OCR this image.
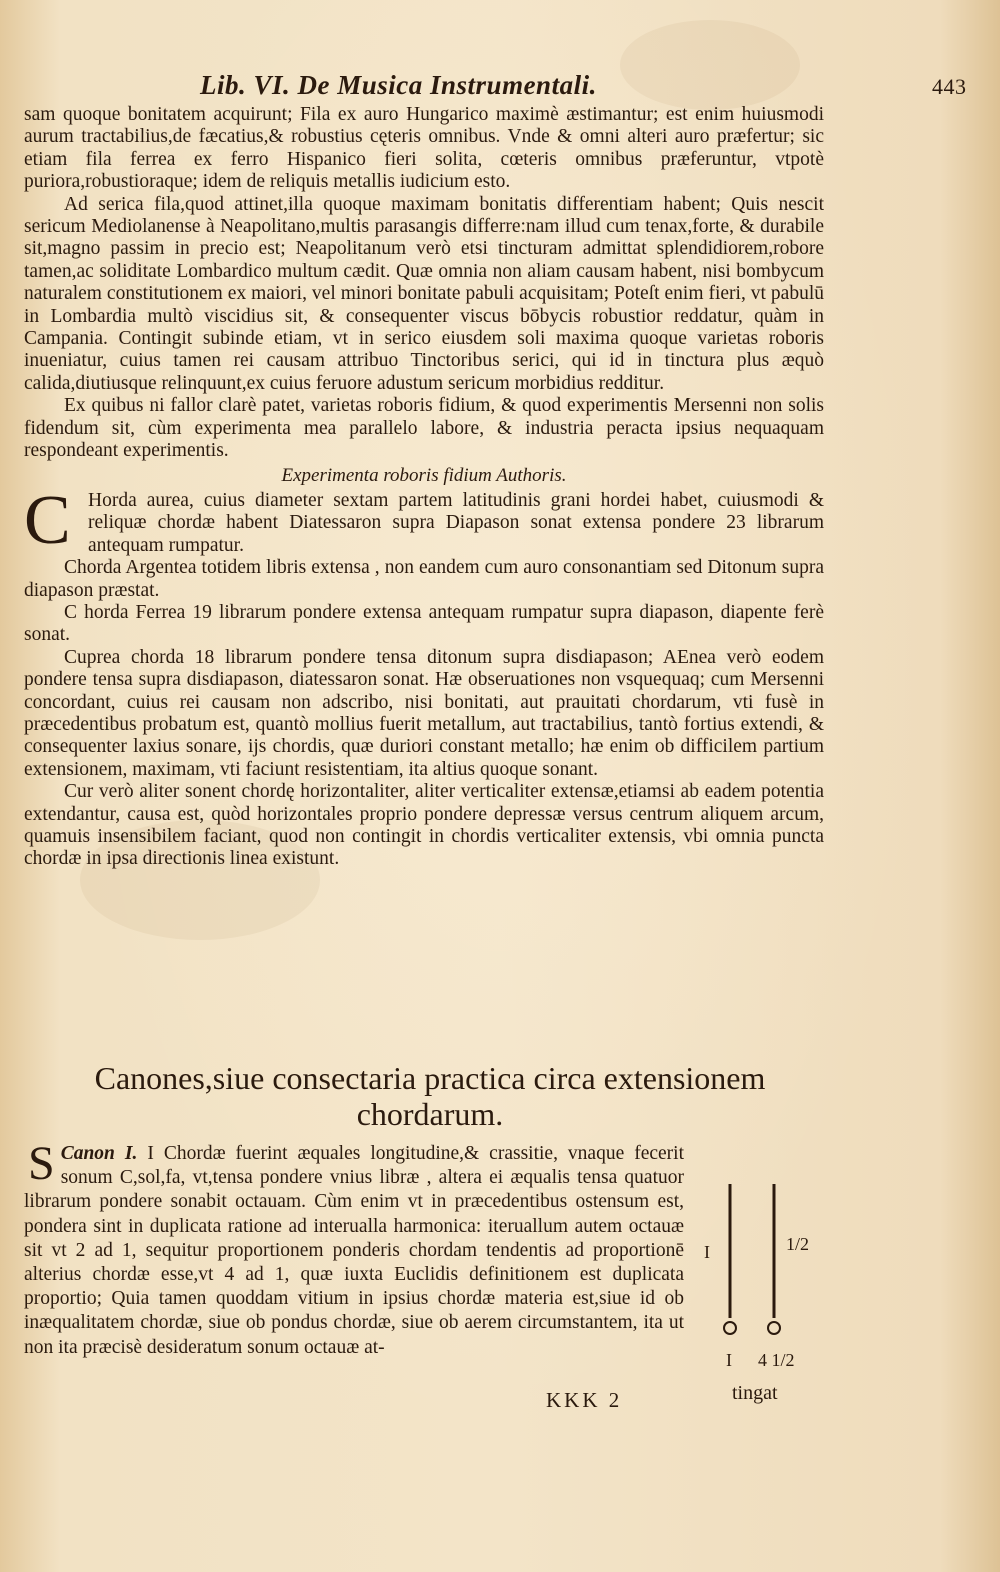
Lib. VI. De Musica Instrumentali.	443

sam quoque bonitatem acquirunt; Fila ex auro Hungarico maximè æstimantur; est enim huiusmodi aurum tractabilius,de fæcatius,& robustius cęteris omnibus. Vnde & omni alteri auro præfertur; sic etiam fila ferrea ex ferro Hispanico fieri solita, cœteris omnibus præferuntur, vtpotè puriora,robustioraque; idem de reliquis metallis iudicium esto.

Ad serica fila,quod attinet,illa quoque maximam bonitatis differentiam habent; Quis nescit sericum Mediolanense à Neapolitano,multis parasangis differre:nam illud cum tenax,forte, & durabile sit,magno passim in precio est; Neapolitanum verò etsi tincturam admittat splendidiorem,robore tamen,ac soliditate Lombardico multum cædit. Quæ omnia non aliam causam habent, nisi bombycum naturalem constitutionem ex maiori, vel minori bonitate pabuli acquisitam; Poteſt enim fieri, vt pabulū in Lombardia multò viscidius sit, & consequenter viscus bōbycis robustior reddatur, quàm in Campania. Contingit subinde etiam, vt in serico eiusdem soli maxima quoque varietas roboris inueniatur, cuius tamen rei causam attribuo Tinctoribus serici, qui id in tinctura plus æquò calida,diutiusque relinquunt,ex cuius feruore adustum sericum morbidius redditur.

Ex quibus ni fallor clarè patet, varietas roboris fidium, & quod experimentis Mersenni non solis fidendum sit, cùm experimenta mea parallelo labore, & industria peracta ipsius nequaquam respondeant experimentis.

Experimenta roboris fidium Authoris.

C Horda aurea, cuius diameter sextam partem latitudinis grani hordei habet, cuiusmodi & reliquæ chordæ habent Diatessaron supra Diapason sonat extensa pondere 23 librarum antequam rumpatur.

Chorda Argentea totidem libris extensa , non eandem cum auro consonantiam sed Ditonum supra diapason præstat.

C horda Ferrea 19 librarum pondere extensa antequam rumpatur supra diapason, diapente ferè sonat.

Cuprea chorda 18 librarum pondere tensa ditonum supra disdiapason; AEnea verò eodem pondere tensa supra disdiapason, diatessaron sonat. Hæ obseruationes non vsquequaq; cum Mersenni concordant, cuius rei causam non adscribo, nisi bonitati, aut prauitati chordarum, vti fusè in præcedentibus probatum est, quantò mollius fuerit metallum, aut tractabilius, tantò fortius extendi, & consequenter laxius sonare, ijs chordis, quæ duriori constant metallo; hæ enim ob difficilem partium extensionem, maximam, vti faciunt resistentiam, ita altius quoque sonant.

Cur verò aliter sonent chordę horizontaliter, aliter verticaliter extensæ,etiamsi ab eadem potentia extendantur, causa est, quòd horizontales proprio pondere depressæ versus centrum aliquem arcum, quamuis insensibilem faciant, quod non contingit in chordis verticaliter extensis, vbi omnia puncta chordæ in ipsa directionis linea existunt.

Canones,siue consectaria practica circa extensionem chordarum.
Canon I.
S	I Chordæ fuerint æquales longitudine,& crassitie, vnaque fecerit sonum C,sol,fa, vt,tensa pondere vnius libræ , altera ei æqualis tensa quatuor librarum pondere sonabit octauam. Cùm enim vt in præcedentibus ostensum est, pondera sint in duplicata ratione ad interualla harmonica: iteruallum autem octauæ sit vt 2 ad 1, sequitur proportionem ponderis chordam tendentis ad proportionē alterius chordæ esse,vt 4 ad 1, quæ iuxta Euclidis definitionem est duplicata proportio; Quia tamen quoddam vitium in ipsius chordæ materia est,siue id ob inæqualitatem chordæ, siue ob pondus chordæ, siue ob aerem circumstantem, ita ut non ita præcisè desideratum sonum octauæ at-
I	1/2
I 4 1/2
KKK 2	tingat
